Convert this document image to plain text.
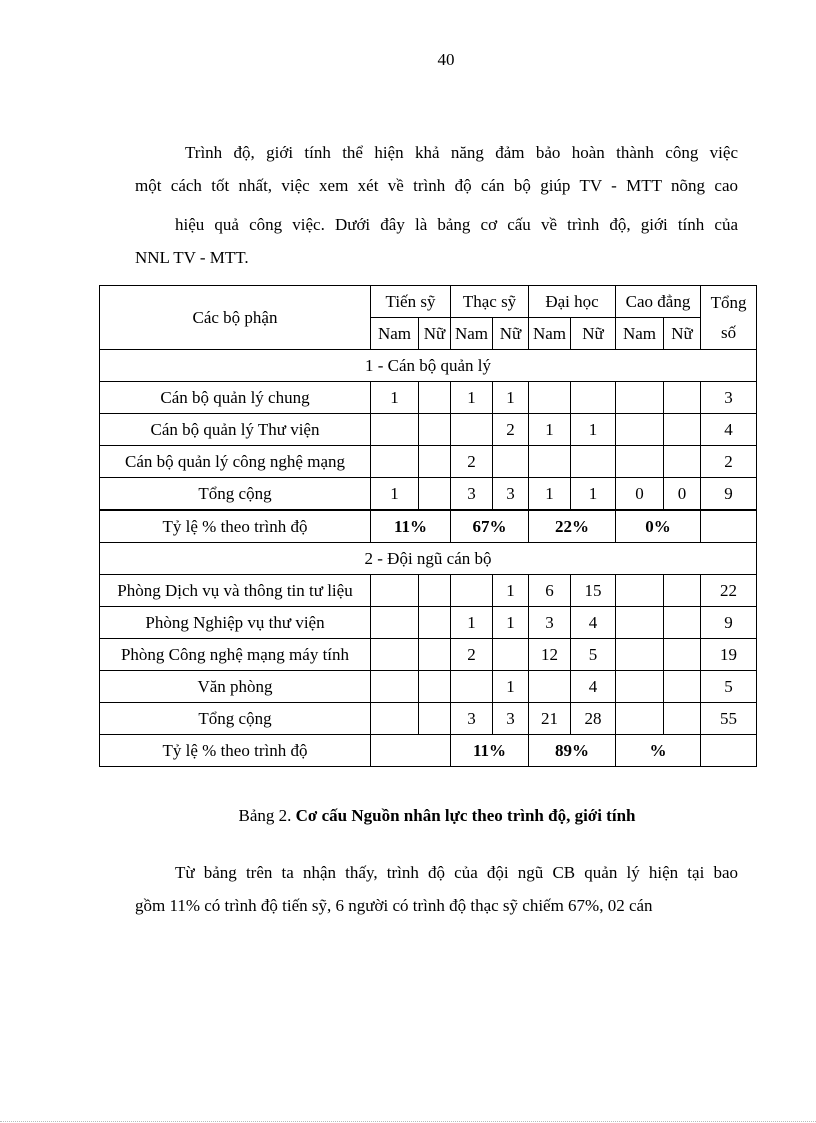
40

Trình độ, giới tính thể hiện khả năng đảm bảo hoàn thành công việc
một cách tốt nhất, việc xem xét về trình độ cán bộ giúp TV - MTT nõng cao
hiệu quả công việc. Dưới đây là bảng cơ cấu về trình độ, giới tính của
NNL TV - MTT.

Các bộ phận	Tiến sỹ		Thạc sỹ		Đại học		Cao đẳng		Tổng
số
	Nam	Nữ	Nam	Nữ	Nam	Nữ	Nam	Nữ	
1 - Cán bộ quản lý									
Cán bộ quản lý chung	1		1	1					3
Cán bộ quản lý Thư viện				2	1	1			4
Cán bộ quản lý công nghệ mạng			2						2
Tổng cộng	1		3	3	1	1	0	0	9
Tỷ lệ % theo trình độ	11%		67%		22%		0%		
2 - Đội ngũ cán bộ									
Phòng Dịch vụ và thông tin tư liệu				1	6	15			22
Phòng Nghiệp vụ thư viện			1	1	3	4			9
Phòng Công nghệ mạng máy tính			2		12	5			19
Văn phòng				1		4			5
Tổng cộng			3	3	21	28			55
Tỷ lệ % theo trình độ			11%		89%		%		
Bảng 2. Cơ cấu Nguồn nhân lực theo trình độ, giới tính

Từ bảng trên ta nhận thấy, trình độ của đội ngũ CB quản lý hiện tại bao
gồm 11% có trình độ tiến sỹ, 6 người có trình độ thạc sỹ chiếm 67%, 02 cán
